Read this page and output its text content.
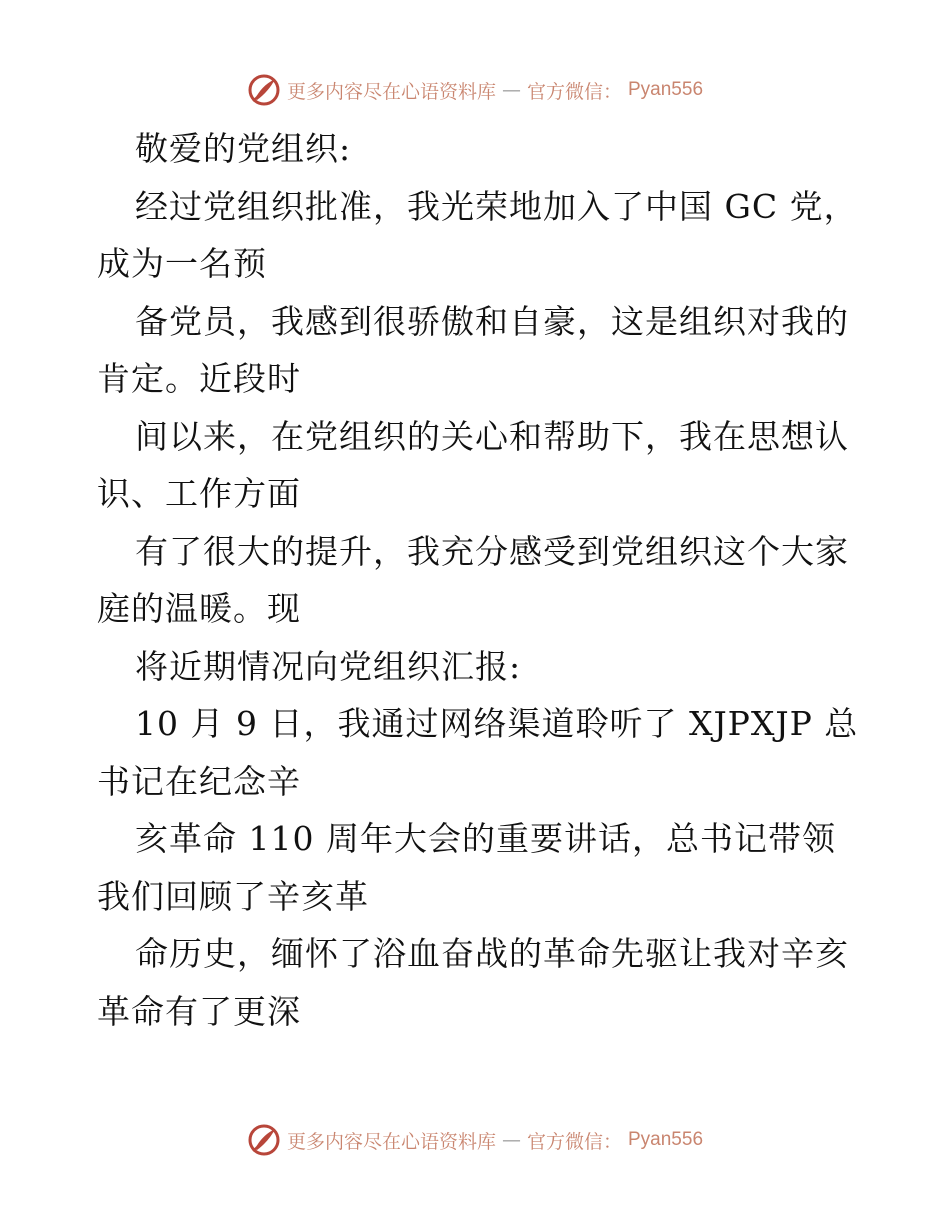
更多内容尽在心语资料库 — 官方微信： Pyan556
敬爱的党组织:
经过党组织批准，我光荣地加入了中国 GC 党，
成为一名预
备党员，我感到很骄傲和自豪，这是组织对我的
肯定。近段时
间以来，在党组织的关心和帮助下，我在思想认
识、工作方面
有了很大的提升，我充分感受到党组织这个大家
庭的温暖。现
将近期情况向党组织汇报:
10 月 9 日，我通过网络渠道聆听了 XJPXJP 总
书记在纪念辛
亥革命 110 周年大会的重要讲话，总书记带领
我们回顾了辛亥革
命历史，缅怀了浴血奋战的革命先驱让我对辛亥
革命有了更深
更多内容尽在心语资料库 — 官方微信： Pyan556
